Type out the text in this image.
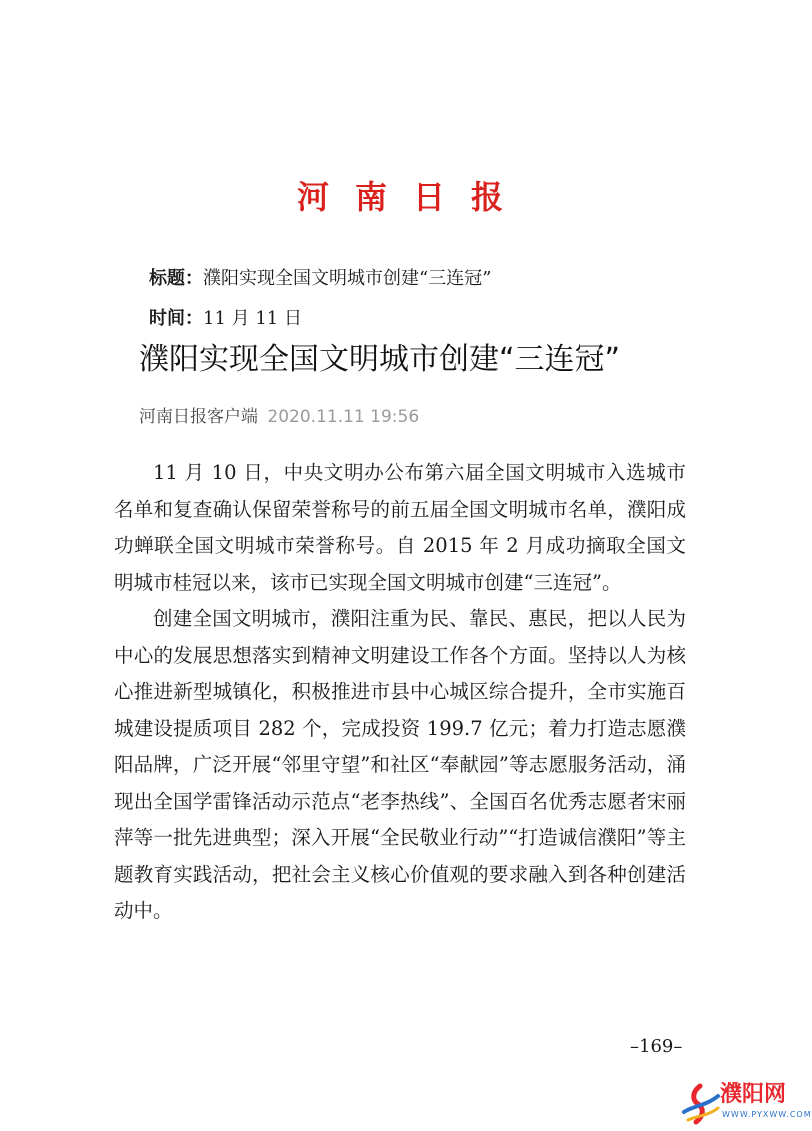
河南日报
标题：濮阳实现全国文明城市创建“三连冠”
时间：11 月 11 日
濮阳实现全国文明城市创建“三连冠”
河南日报客户端 2020.11.11 19:56

11 月 10 日，中央文明办公布第六届全国文明城市入选城市名单和复查确认保留荣誉称号的前五届全国文明城市名单，濮阳成功蝉联全国文明城市荣誉称号。自 2015 年 2 月成功摘取全国文明城市桂冠以来，该市已实现全国文明城市创建“三连冠”。

创建全国文明城市，濮阳注重为民、靠民、惠民，把以人民为中心的发展思想落实到精神文明建设工作各个方面。坚持以人为核心推进新型城镇化，积极推进市县中心城区综合提升，全市实施百城建设提质项目 282 个，完成投资 199.7 亿元；着力打造志愿濮阳品牌，广泛开展“邻里守望”和社区“奉献园”等志愿服务活动，涌现出全国学雷锋活动示范点“老李热线”、全国百名优秀志愿者宋丽萍等一批先进典型；深入开展“全民敬业行动”“打造诚信濮阳”等主题教育实践活动，把社会主义核心价值观的要求融入到各种创建活动中。

–169–
濮阳网
WWW.PYXWW.COM
